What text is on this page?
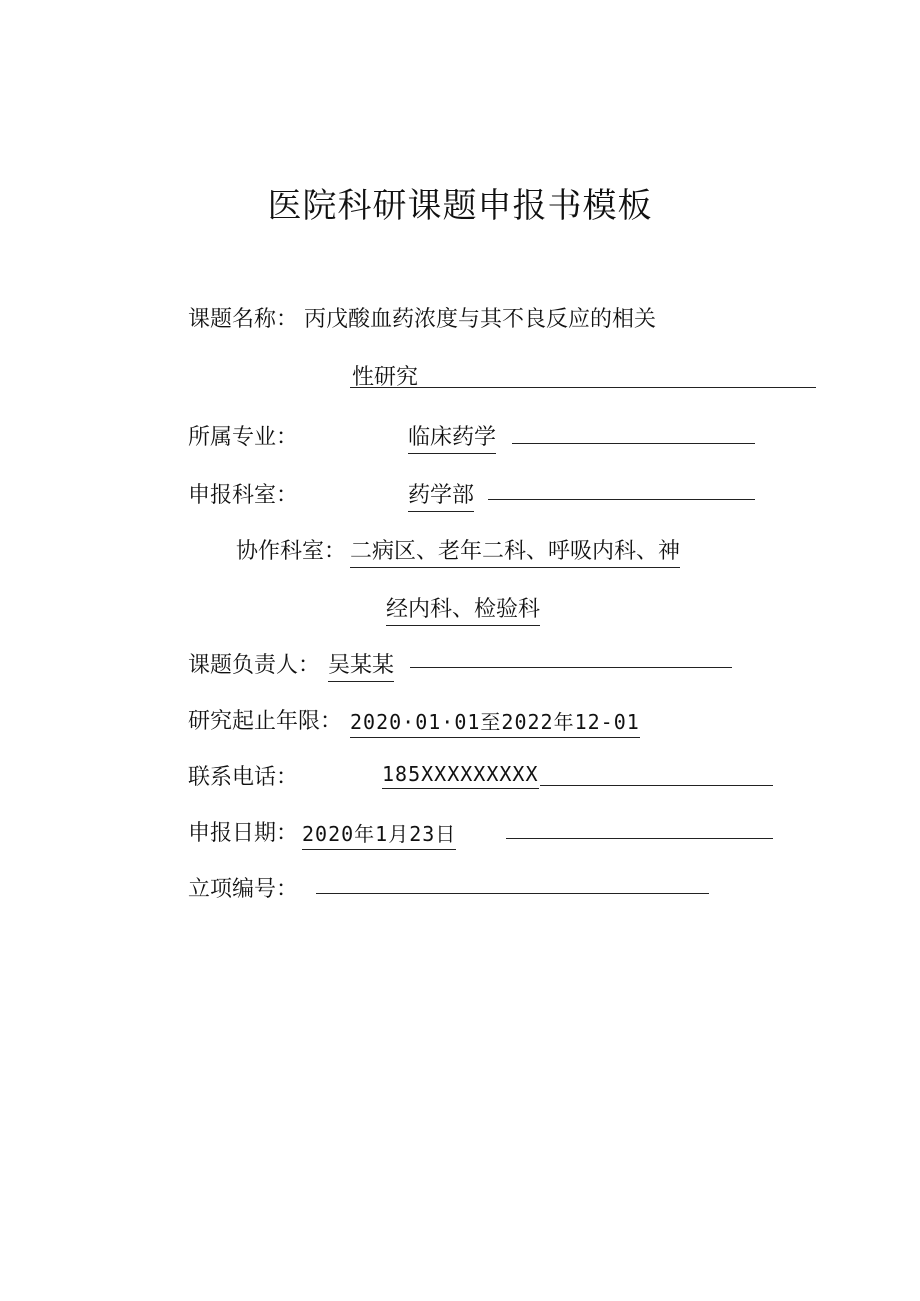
医院科研课题申报书模板
课题名称： 丙戊酸血药浓度与其不良反应的相关
性研究
所属专业：	临床药学
申报科室：	药学部
协作科室： 二病区、老年二科、呼吸内科、神
经内科、检验科
课题负责人： 吴某某
研究起止年限： 2020·01·01至2022年12-01
联系电话：	185XXXXXXXXX
申报日期： 2020年1月23日
立项编号：
